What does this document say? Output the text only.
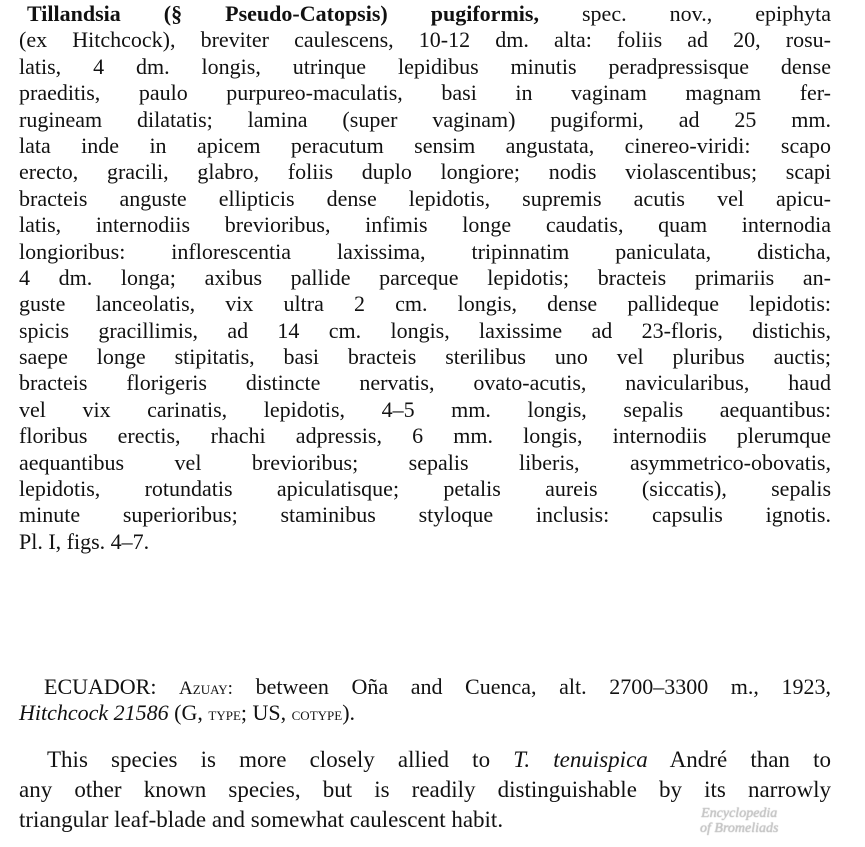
Tillandsia (§ Pseudo-Catopsis) pugiformis, spec. nov., epiphyta
(ex Hitchcock), breviter caulescens, 10-12 dm. alta: foliis ad 20, rosu-
latis, 4 dm. longis, utrinque lepidibus minutis peradpressisque dense
praeditis, paulo purpureo-maculatis, basi in vaginam magnam fer-
rugineam dilatatis; lamina (super vaginam) pugiformi, ad 25 mm.
lata inde in apicem peracutum sensim angustata, cinereo-viridi: scapo
erecto, gracili, glabro, foliis duplo longiore; nodis violascentibus; scapi
bracteis anguste ellipticis dense lepidotis, supremis acutis vel apicu-
latis, internodiis brevioribus, infimis longe caudatis, quam internodia
longioribus: inflorescentia laxissima, tripinnatim paniculata, disticha,
4 dm. longa; axibus pallide parceque lepidotis; bracteis primariis an-
guste lanceolatis, vix ultra 2 cm. longis, dense pallideque lepidotis:
spicis gracillimis, ad 14 cm. longis, laxissime ad 23-floris, distichis,
saepe longe stipitatis, basi bracteis sterilibus uno vel pluribus auctis;
bracteis florigeris distincte nervatis, ovato-acutis, navicularibus, haud
vel vix carinatis, lepidotis, 4–5 mm. longis, sepalis aequantibus:
floribus erectis, rhachi adpressis, 6 mm. longis, internodiis plerumque
aequantibus vel brevioribus; sepalis liberis, asymmetrico-obovatis,
lepidotis, rotundatis apiculatisque; petalis aureis (siccatis), sepalis
minute superioribus; staminibus styloque inclusis: capsulis ignotis.
Pl. I, figs. 4–7.
ECUADOR: Azuay: between Oña and Cuenca, alt. 2700–3300 m., 1923,
Hitchcock 21586 (G, type; US, cotype).
This species is more closely allied to T. tenuispica André than to
any other known species, but is readily distinguishable by its narrowly
triangular leaf-blade and somewhat caulescent habit.	Encyclopedia
of Bromeliads
